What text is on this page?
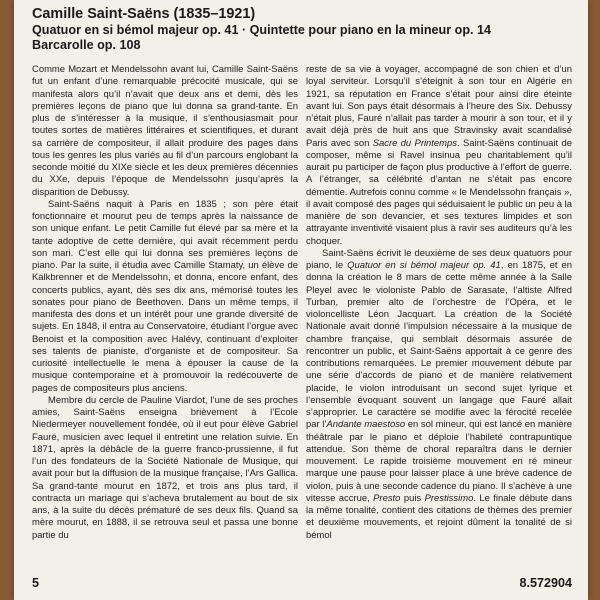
Camille Saint-Saëns (1835–1921)
Quatuor en si bémol majeur op. 41 · Quintette pour piano en la mineur op. 14
Barcarolle op. 108

Comme Mozart et Mendelssohn avant lui, Camille Saint-Saëns fut un enfant d’une remarquable précocité musicale, qui se manifesta alors qu’il n’avait que deux ans et demi, dès les premières leçons de piano que lui donna sa grand-tante. En plus de s’intéresser à la musique, il s’enthousiasmait pour toutes sortes de matières littéraires et scientifiques, et durant sa carrière de compositeur, il allait produire des pages dans tous les genres les plus variés au fil d’un parcours englobant la seconde moitié du XIXe siècle et les deux premières décennies du XXe, depuis l’époque de Mendelssohn jusqu’après la disparition de Debussy.

Saint-Saëns naquit à Paris en 1835 ; son père était fonctionnaire et mourut peu de temps après la naissance de son unique enfant. Le petit Camille fut élevé par sa mère et la tante adoptive de cette dernière, qui avait récemment perdu son mari. C’est elle qui lui donna ses premières leçons de piano. Par la suite, il étudia avec Camille Stamaty, un élève de Kalkbrenner et de Mendelssohn, et donna, encore enfant, des concerts publics, ayant, dès ses dix ans, mémorisé toutes les sonates pour piano de Beethoven. Dans un même temps, il manifesta des dons et un intérêt pour une grande diversité de sujets. En 1848, il entra au Conservatoire, étudiant l’orgue avec Benoist et la composition avec Halévy, continuant d’exploiter ses talents de pianiste, d’organiste et de compositeur. Sa curiosité intellectuelle le mena à épouser la cause de la musique contemporaine et à promouvoir la redécouverte de pages de compositeurs plus anciens.

Membre du cercle de Pauline Viardot, l’une de ses proches amies, Saint-Saëns enseigna brièvement à l’Ecole Niedermeyer nouvellement fondée, où il eut pour élève Gabriel Fauré, musicien avec lequel il entretint une relation suivie. En 1871, après la débâcle de la guerre franco-prussienne, il fut l’un des fondateurs de la Société Nationale de Musique, qui avait pour but la diffusion de la musique française, l’Ars Gallica. Sa grand-tante mourut en 1872, et trois ans plus tard, il contracta un mariage qui s’acheva brutalement au bout de six ans, à la suite du décès prématuré de ses deux fils. Quand sa mère mourut, en 1888, il se retrouva seul et passa une bonne partie du

reste de sa vie à voyager, accompagné de son chien et d’un loyal serviteur. Lorsqu’il s’éteignit à son tour en Algérie en 1921, sa réputation en France s’était pour ainsi dire éteinte avant lui. Son pays était désormais à l’heure des Six. Debussy n’était plus, Fauré n’allait pas tarder à mourir à son tour, et il y avait déjà près de huit ans que Stravinsky avait scandalisé Paris avec son Sacre du Printemps. Saint-Saëns continuait de composer, même si Ravel insinua peu charitablement qu’il aurait pu participer de façon plus productive à l’effort de guerre. A l’étranger, sa célébrité d’antan ne s’était pas encore démentie. Autrefois connu comme « le Mendelssohn français », il avait composé des pages qui séduisaient le public un peu à la manière de son devancier, et ses textures limpides et son attrayante inventivité visaient plus à ravir ses auditeurs qu’à les choquer.

Saint-Saëns écrivit le deuxième de ses deux quatuors pour piano, le Quatuor en si bémol majeur op. 41, en 1875, et en donna la création le 8 mars de cette même année à la Salle Pleyel avec le violoniste Pablo de Sarasate, l’altiste Alfred Turban, premier alto de l’orchestre de l’Opéra, et le violoncelliste Léon Jacquart. La création de la Société Nationale avait donné l’impulsion nécessaire à la musique de chambre française, qui semblait désormais assurée de rencontrer un public, et Saint-Saëns apportait à ce genre des contributions remarquées. Le premier mouvement débute par une série d’accords de piano et de manière relativement placide, le violon introduisant un second sujet lyrique et l’ensemble évoquant souvent un langage que Fauré allait s’approprier. Le caractère se modifie avec la férocité recelée par l’Andante maestoso en sol mineur, qui est lancé en manière théâtrale par le piano et déploie l’habileté contrapuntique attendue. Son thème de choral reparaîtra dans le dernier mouvement. Le rapide troisième mouvement en ré mineur marque une pause pour laisser place à une brève cadence de violon, puis à une seconde cadence du piano. Il s’achève à une vitesse accrue, Presto puis Prestissimo. Le finale débute dans la même tonalité, contient des citations de thèmes des premier et deuxième mouvements, et rejoint dûment la tonalité de si bémol

5	8.572904
